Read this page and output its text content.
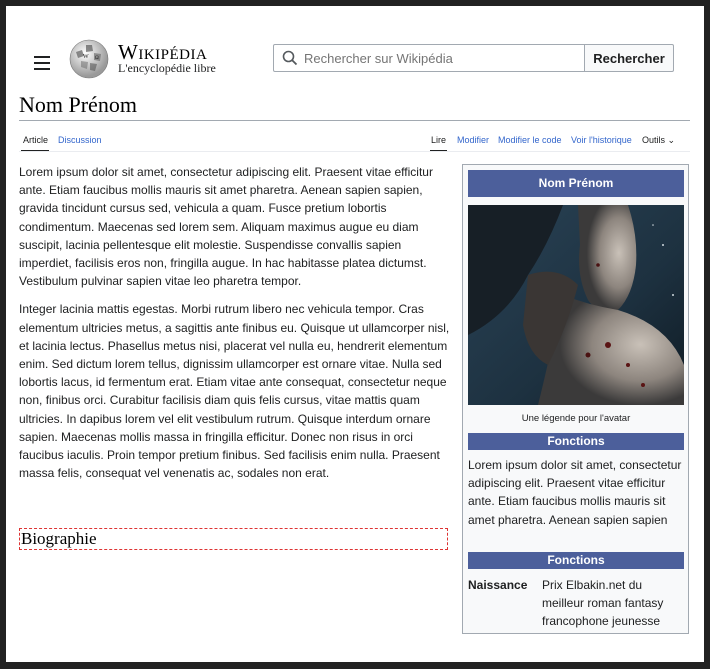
W Ω Wikipédia
L'encyclopédie libre
Rechercher sur Wikipédia
Rechercher
Nom Prénom
Article Discussion	Lire Modifier Modifier le code Voir l'historique Outils ⌄

Lorem ipsum dolor sit amet, consectetur adipiscing elit. Praesent vitae efficitur ante. Etiam faucibus mollis mauris sit amet pharetra. Aenean sapien sapien, gravida tincidunt cursus sed, vehicula a quam. Fusce pretium lobortis condimentum. Maecenas sed lorem sem. Aliquam maximus augue eu diam suscipit, lacinia pellentesque elit molestie. Suspendisse convallis sapien imperdiet, facilisis eros non, fringilla augue. In hac habitasse platea dictumst. Vestibulum pulvinar sapien vitae leo pharetra tempor.

Integer lacinia mattis egestas. Morbi rutrum libero nec vehicula tempor. Cras elementum ultricies metus, a sagittis ante finibus eu. Quisque ut ullamcorper nisl, et lacinia lectus. Phasellus metus nisi, placerat vel nulla eu, hendrerit elementum enim. Sed dictum lorem tellus, dignissim ullamcorper est ornare vitae. Nulla sed lobortis lacus, id fermentum erat. Etiam vitae ante consequat, consectetur neque non, finibus orci. Curabitur facilisis diam quis felis cursus, vitae mattis quam ultricies. In dapibus lorem vel elit vestibulum rutrum. Quisque interdum ornare sapien. Maecenas mollis massa in fringilla efficitur. Donec non risus in orci faucibus iaculis. Proin tempor pretium finibus. Sed facilisis enim nulla. Praesent massa felis, consequat vel venenatis ac, sodales non erat.

Biographie
Nom Prénom
Une légende pour l'avatar
Fonctions
Lorem ipsum dolor sit amet, consectetur adipiscing elit. Praesent vitae efficitur ante. Etiam faucibus mollis mauris sit amet pharetra. Aenean sapien sapien
Fonctions
Naissance Prix Elbakin.net du meilleur roman fantasy francophone jeunesse
